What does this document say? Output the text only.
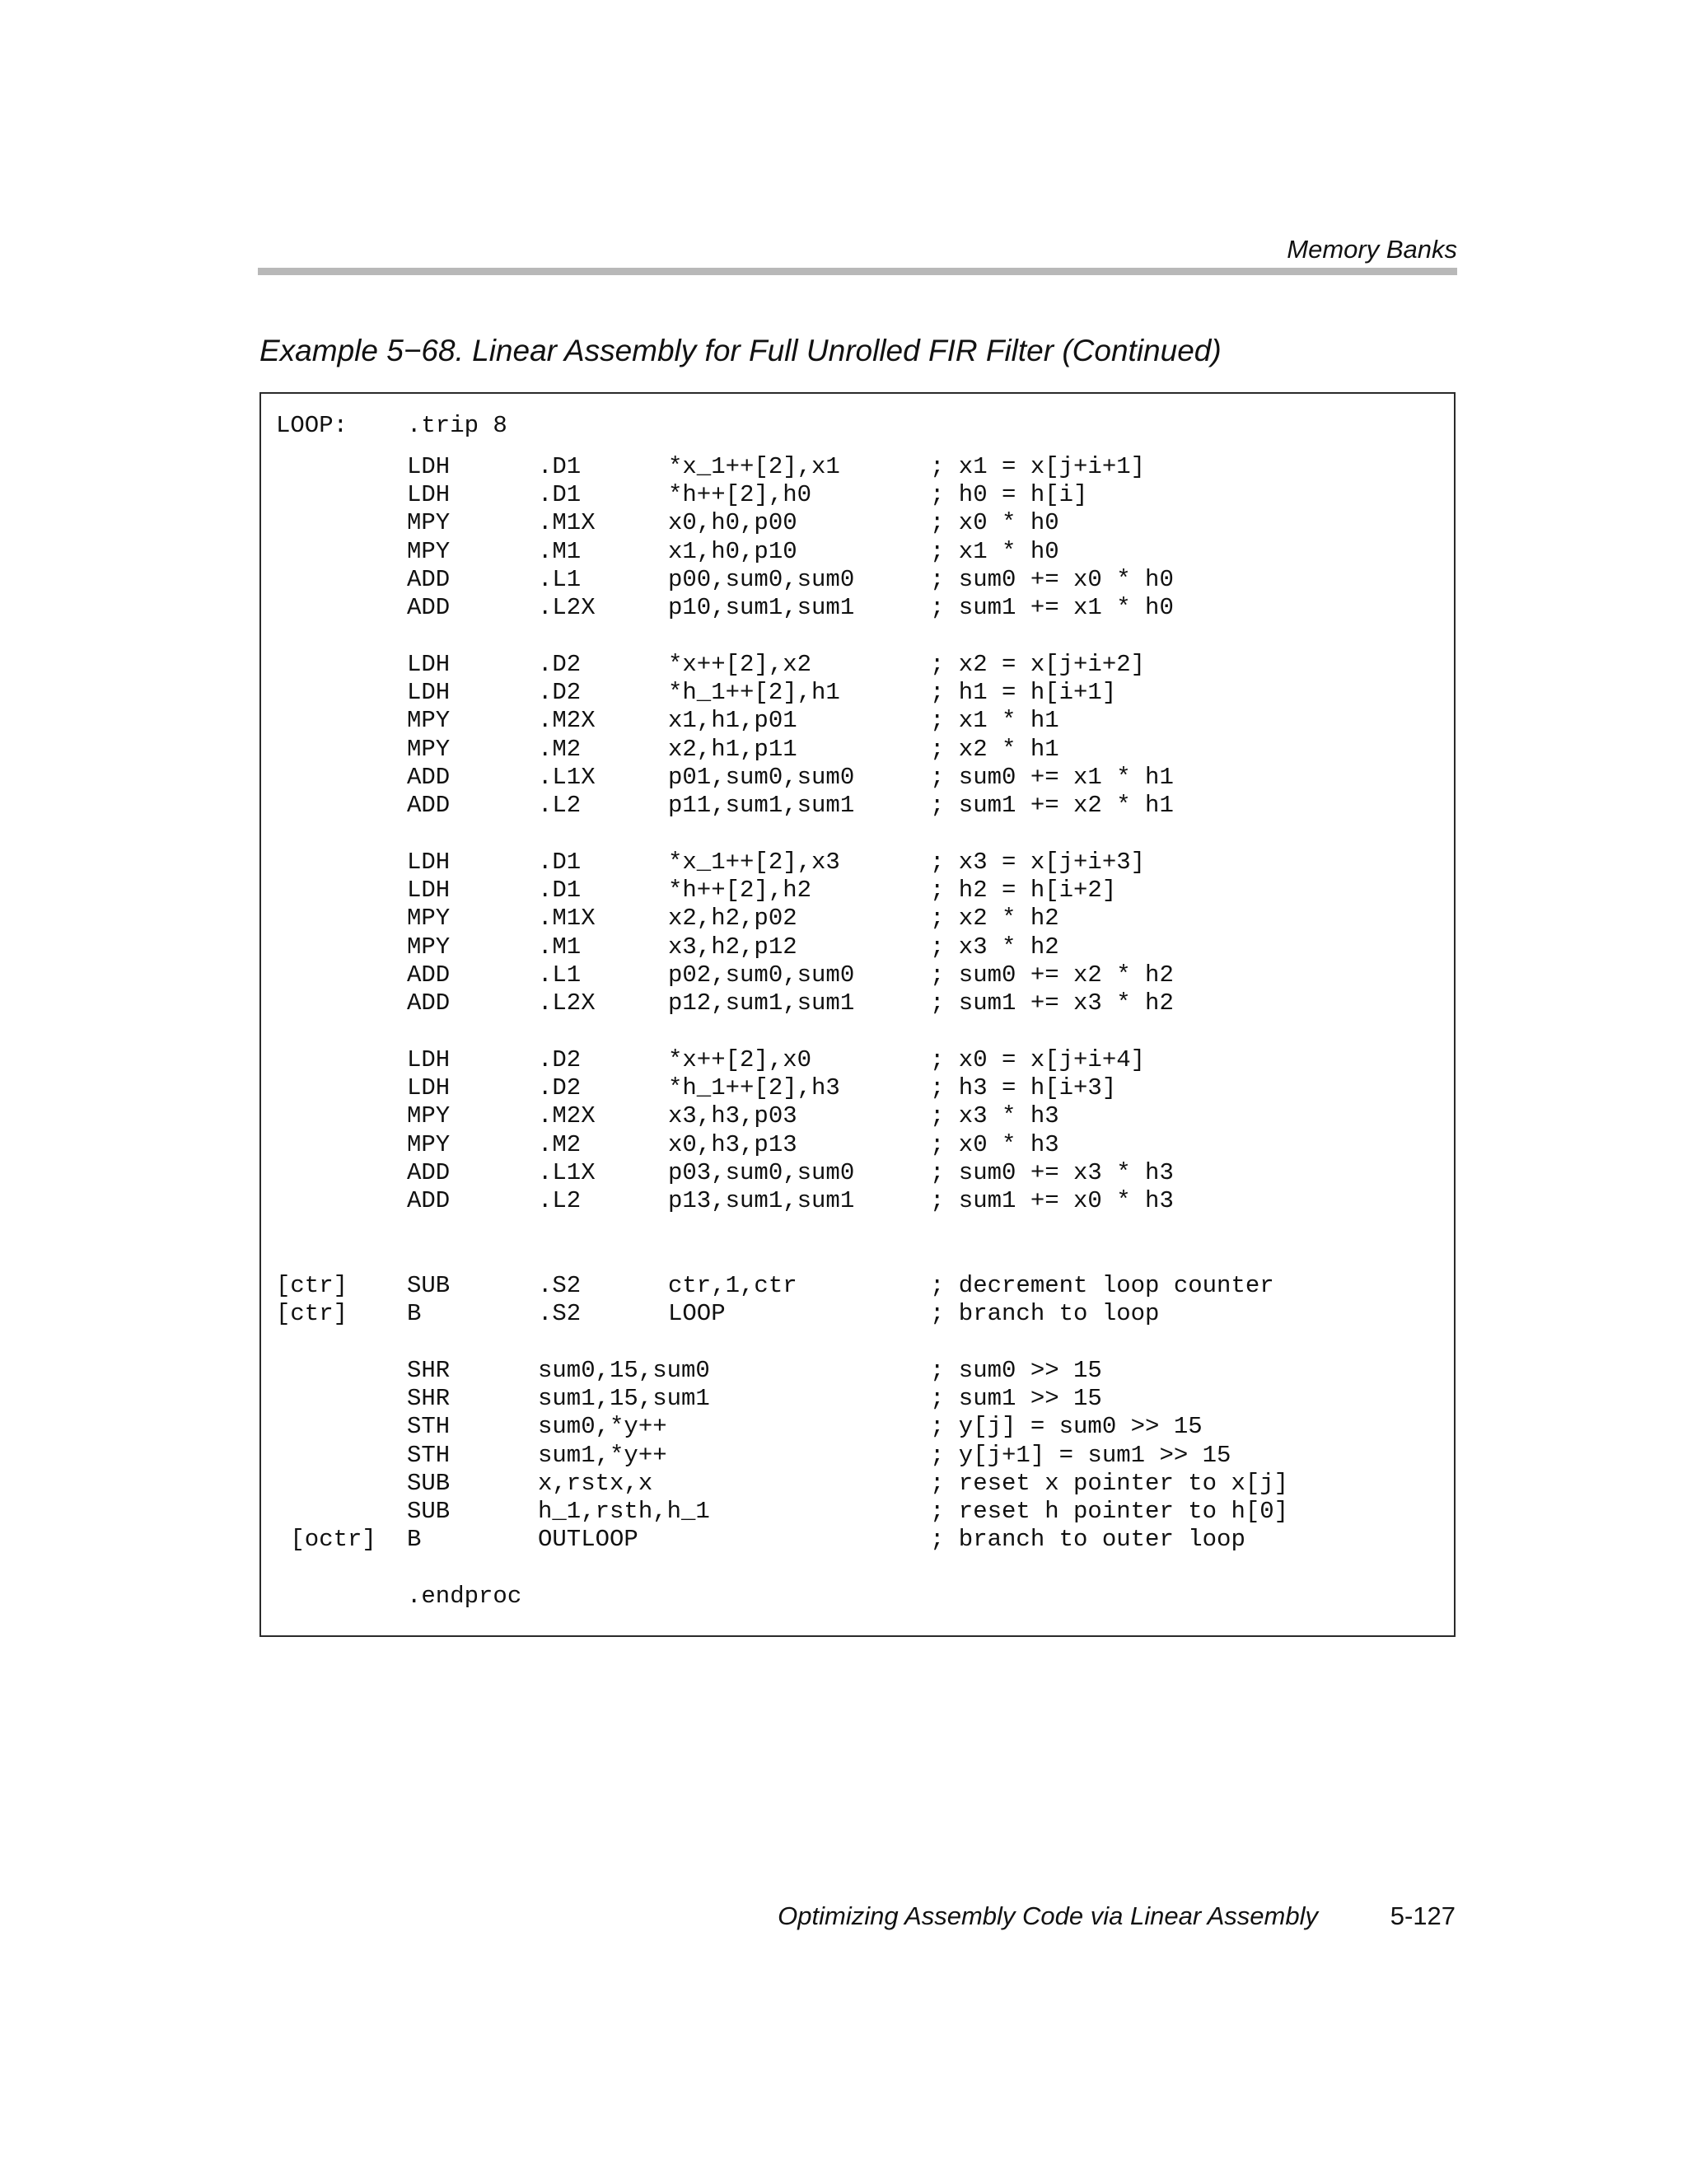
Memory Banks
Example 5−68. Linear Assembly for Full Unrolled FIR Filter (Continued)
LOOP: .trip 8
LDH	.D1	*x_1++[2],x1	; x1 = x[j+i+1]
LDH	.D1	*h++[2],h0	; h0 = h[i]
MPY	.M1X	x0,h0,p00	; x0 * h0
MPY	.M1	x1,h0,p10	; x1 * h0
ADD	.L1	p00,sum0,sum0	; sum0 += x0 * h0
ADD	.L2X	p10,sum1,sum1	; sum1 += x1 * h0
LDH	.D2	*x++[2],x2	; x2 = x[j+i+2]
LDH	.D2	*h_1++[2],h1	; h1 = h[i+1]
MPY	.M2X	x1,h1,p01	; x1 * h1
MPY	.M2	x2,h1,p11	; x2 * h1
ADD	.L1X	p01,sum0,sum0	; sum0 += x1 * h1
ADD	.L2	p11,sum1,sum1	; sum1 += x2 * h1
LDH	.D1	*x_1++[2],x3	; x3 = x[j+i+3]
LDH	.D1	*h++[2],h2	; h2 = h[i+2]
MPY	.M1X	x2,h2,p02	; x2 * h2
MPY	.M1	x3,h2,p12	; x3 * h2
ADD	.L1	p02,sum0,sum0	; sum0 += x2 * h2
ADD	.L2X	p12,sum1,sum1	; sum1 += x3 * h2
LDH	.D2	*x++[2],x0	; x0 = x[j+i+4]
LDH	.D2	*h_1++[2],h3	; h3 = h[i+3]
MPY	.M2X	x3,h3,p03	; x3 * h3
MPY	.M2	x0,h3,p13	; x0 * h3
ADD	.L1X	p03,sum0,sum0	; sum0 += x3 * h3
ADD	.L2	p13,sum1,sum1	; sum1 += x0 * h3
[ctr] SUB	.S2	ctr,1,ctr	; decrement loop counter
[ctr] B	.S2	LOOP	; branch to loop
SHR	sum0,15,sum0	; sum0 >> 15
SHR	sum1,15,sum1	; sum1 >> 15
STH	sum0,*y++	; y[j] = sum0 >> 15
STH	sum1,*y++	; y[j+1] = sum1 >> 15
SUB	x,rstx,x	; reset x pointer to x[j]
SUB	h_1,rsth,h_1	; reset h pointer to h[0]
[octr] B	OUTLOOP	; branch to outer loop
.endproc
Optimizing Assembly Code via Linear Assembly	5-127
